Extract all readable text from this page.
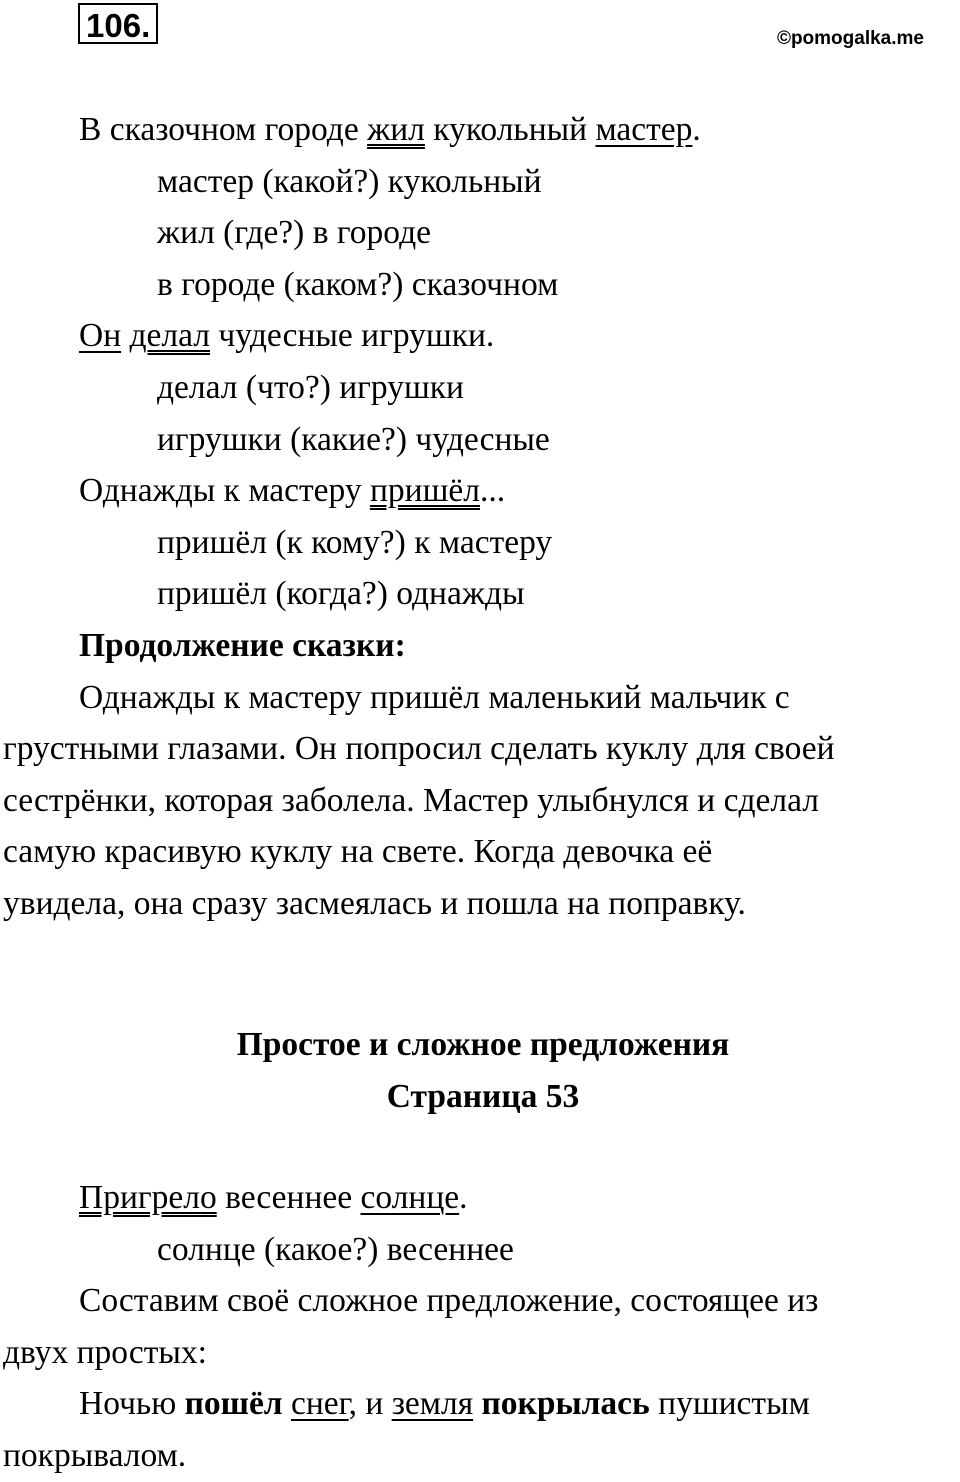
106.	©pomogalka.me
В сказочном городе жил кукольный мастер.
мастер (какой?) кукольный
жил (где?) в городе
в городе (каком?) сказочном
Он делал чудесные игрушки.
делал (что?) игрушки
игрушки (какие?) чудесные
Однажды к мастеру пришёл...
пришёл (к кому?) к мастеру
пришёл (когда?) однажды
Продолжение сказки:
Однажды к мастеру пришёл маленький мальчик с
грустными глазами. Он попросил сделать куклу для своей
сестрёнки, которая заболела. Мастер улыбнулся и сделал
самую красивую куклу на свете. Когда девочка её
увидела, она сразу засмеялась и пошла на поправку.
Простое и сложное предложения
Страница 53
Пригрело весеннее солнце.
солнце (какое?) весеннее
Составим своё сложное предложение, состоящее из
двух простых:
Ночью пошёл снег, и земля покрылась пушистым
покрывалом.
